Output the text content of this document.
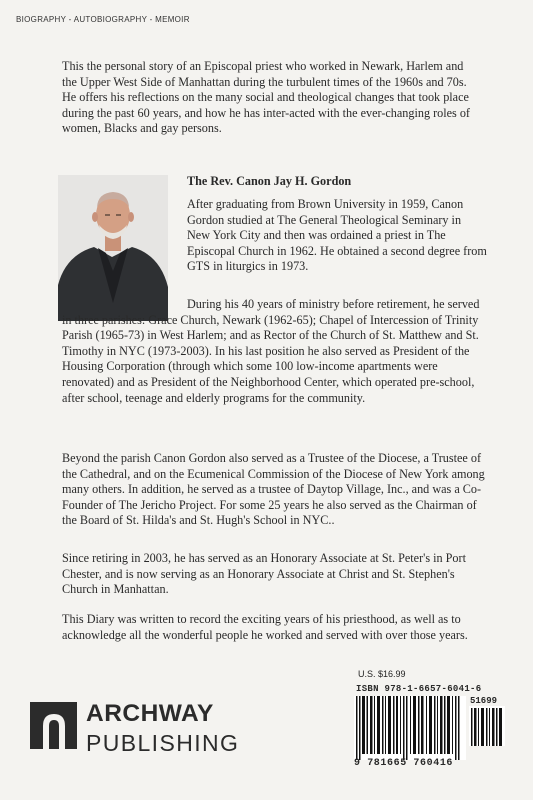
BIOGRAPHY - AUTOBIOGRAPHY - MEMOIR

This the personal story of an Episcopal priest who worked in Newark, Harlem and the Upper West Side of Manhattan during the turbulent times of the 1960s and 70s. He offers his reflections on the many social and theological changes that took place during the past 60 years, and how he has inter-acted with the ever-changing roles of women, Blacks and gay persons.

The Rev. Canon Jay H. Gordon

After graduating from Brown University in 1959, Canon Gordon studied at The General Theological Seminary in New York City and then was ordained a priest in The Episcopal Church in 1962. He obtained a second degree from GTS in liturgics in 1973.

During his 40 years of ministry before retirement, he served in three parishes: Grace Church, Newark (1962-65); Chapel of Intercession of Trinity Parish (1965-73) in West Harlem; and as Rector of the Church of St. Matthew and St. Timothy in NYC (1973-2003). In his last position he also served as President of the Housing Corporation (through which some 100 low-income apartments were renovated) and as President of the Neighborhood Center, which operated pre-school, after school, teenage and elderly programs for the community.

Beyond the parish Canon Gordon also served as a Trustee of the Diocese, a Trustee of the Cathedral, and on the Ecumenical Commission of the Diocese of New York among many others. In addition, he served as a trustee of Daytop Village, Inc., and was a Co-Founder of The Jericho Project. For some 25 years he also served as the Chairman of the Board of St. Hilda's and St. Hugh's School in NYC..

Since retiring in 2003, he has served as an Honorary Associate at St. Peter's in Port Chester, and is now serving as an Honorary Associate at Christ and St. Stephen's Church in Manhattan.

This Diary was written to record the exciting years of his priesthood, as well as to acknowledge all the wonderful people he worked and served with over those years.

U.S. $16.99
ISBN 978-1-6657-6041-6
51699
9 781665 760416
ARCHWAY
PUBLISHING
